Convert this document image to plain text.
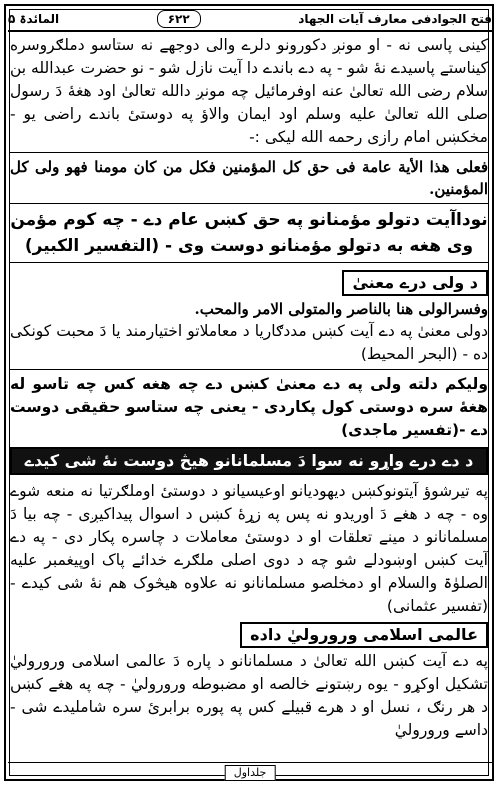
المائدۃ ۵	۶۲۲	فتح الجوادفی معارف آیات الجهاد

کینی پاسی نه - او مونږ دکورونو دلرے والی دوجهے نه ستاسو دملګروسره کیناستے پاسیدے نۀ شو - په دے باندے دا آیت نازل شو - نو حضرت عبدالله بن سلام رضی الله تعالیٰ عنه اوفرمائیل چه مونږ دالله تعالیٰ اود هغهٔ دَ رسول صلی الله تعالیٰ علیه وسلم اود ایمان والاؤ په دوستیٔ باندے راضی یو - مخکښں امام رازی رحمه الله لیکی :-

فعلی هذا الأیة عامة فی حق کل المؤمنین فکل من کان مومنا فهو ولی کل المؤمنین.

نوداآیت دتولو مؤمنانو په حق کښں عام دے - چه کوم مؤمن وی هغه به دتولو مؤمنانو دوست وی - (التفسیر الکبیر)

د ولی درے معنیٰ

وفسرالولی هنا بالناصر والمتولی الامر والمحب.

دولی معنیٰ په دے آیت کښں مددګاریا د معاملاتو اختیارمند یا دَ محبت کونکی ده - (البحر المحیط)

ولیکم دلته ولی په دے معنیٰ کښں دے چه هغه کس چه تاسو له هغهٔ سره دوستی کول پکاردی - یعنی چه ستاسو حقیقی دوست دے -(تفسیر ماجدی)

د دے درے واړو نه سوا دَ مسلمانانو هیڅ دوست نۀ شی کیدے

په تیرشوؤ آیتونوکښں دیهودیانو اوعیسیانو د دوستیٔ اوملګرتیا نه منعه شوے وه - چه د هغے دَ اوریدو نه پس په زړهٔ کښں د اسوال پیداکیږی - چه بیا دَ مسلمانانو د مینے تعلقات او د دوستیٔ معاملات د چاسره پکار دی - په دے آیت کښں اوښودلے شو چه د دوی اصلی ملګرے خدائے پاک اوپیغمبر علیه الصلوٰۃ والسلام او دمخلصو مسلمانانو نه علاوه هیڅوک هم نۀ شی کیدے - (تفسیر عثمانی)

عالمی اسلامی وروروليٰ داده

په دے آیت کښں الله تعالیٰ د مسلمانانو د پاره دَ عالمی اسلامی وروروليٰ تشکیل اوکړو - یوه رښتونے خالصه او مضبوطه وروروليٰ - چه په هغے کښں د هر رنګ ، نسل او د هرے قبیلے کس په پوره برابرئ سره شاملیدے شی - داسے وروروليٰ

جلداول
